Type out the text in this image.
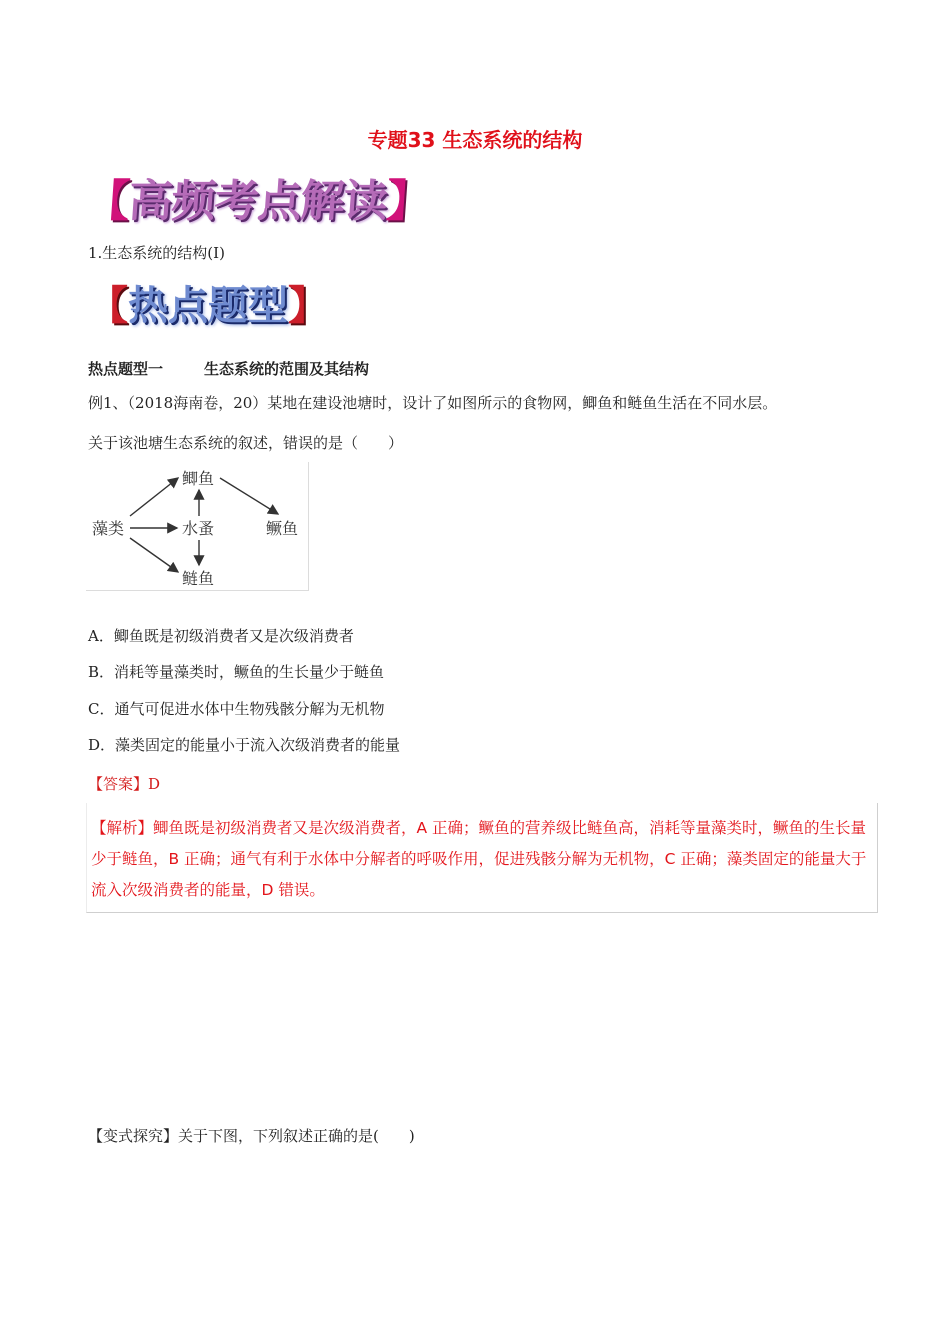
专题33 生态系统的结构
【高频考点解读】
1.生态系统的结构(Ⅰ)
【热点题型】
热点题型一	生态系统的范围及其结构
例1、（2018海南卷，20）某地在建设池塘时，设计了如图所示的食物网，鲫鱼和鲢鱼生活在不同水层。
关于该池塘生态系统的叙述，错误的是（　　）
藻类
鲫鱼
水蚤
鲢鱼
鳜鱼
A．鲫鱼既是初级消费者又是次级消费者
B．消耗等量藻类时，鳜鱼的生长量少于鲢鱼
C．通气可促进水体中生物残骸分解为无机物
D．藻类固定的能量小于流入次级消费者的能量
【答案】D

【解析】鲫鱼既是初级消费者又是次级消费者，A 正确；鳜鱼的营养级比鲢鱼高，消耗等量藻类时，鳜鱼的生长量少于鲢鱼，B 正确；通气有利于水体中分解者的呼吸作用，促进残骸分解为无机物，C 正确；藻类固定的能量大于流入次级消费者的能量，D 错误。

【变式探究】关于下图，下列叙述正确的是(　　)
